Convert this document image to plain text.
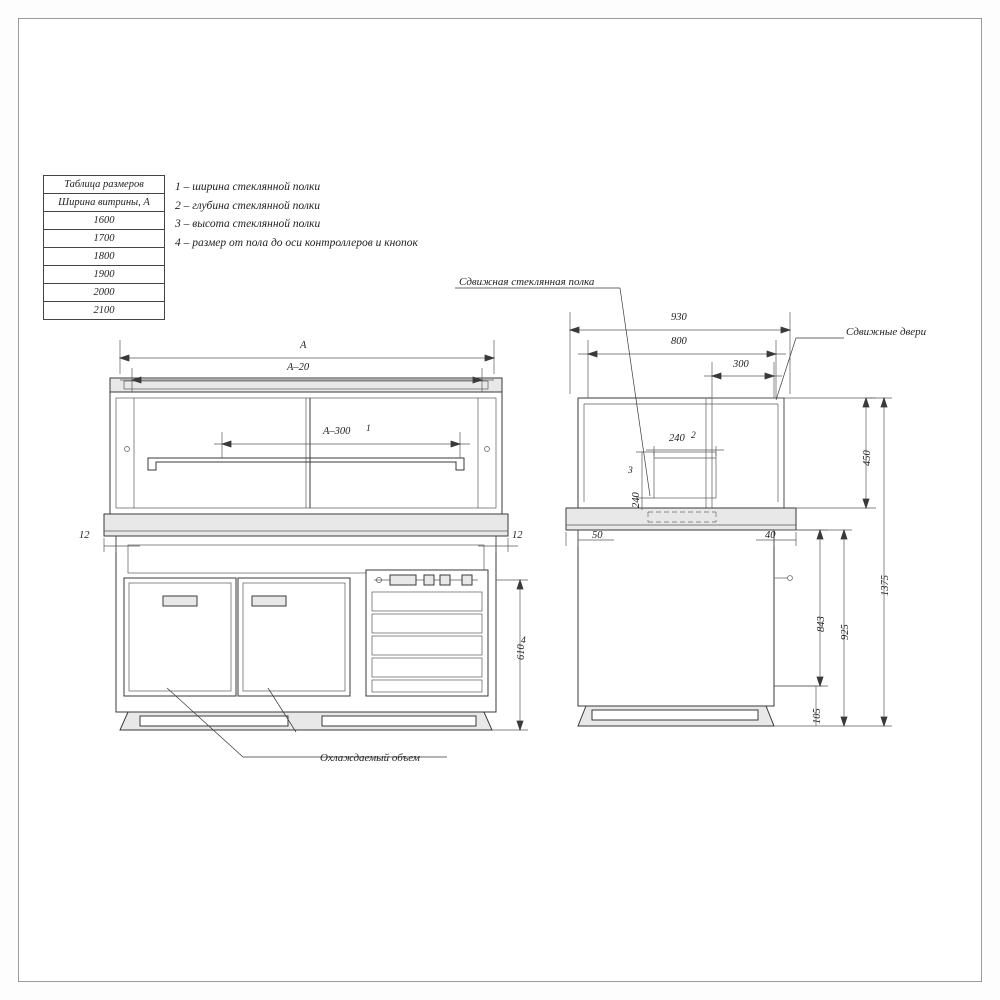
Таблица размеров
Ширина витрины, А
1600
1700
1800
1900
2000
2100
1 – ширина стеклянной полки
2 – глубина стеклянной полки
3 – высота стеклянной полки
4 – размер от пола до оси контроллеров и кнопок
Сдвижная стеклянная полка
Сдвижные двери
Охлаждаемый объем
А
А–20
А–300 1
12	12
610
4
930
800
300
240 2
240
3
50	40
450
843
925
105
1375
